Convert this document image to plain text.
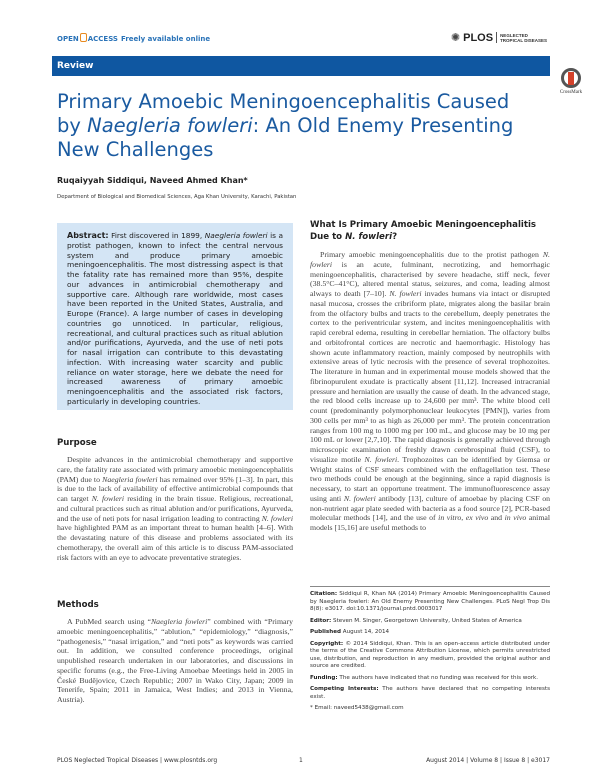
OPEN ACCESS Freely available online	✺ PLOS NEGLECTED
TROPICAL DISEASES
Review
CrossMark
Primary Amoebic Meningoencephalitis Caused by Naegleria fowleri: An Old Enemy Presenting New Challenges
Ruqaiyyah Siddiqui, Naveed Ahmed Khan*
Department of Biological and Biomedical Sciences, Aga Khan University, Karachi, Pakistan
Abstract: First discovered in 1899, Naegleria fowleri is a protist pathogen, known to infect the central nervous system and produce primary amoebic meningoencephalitis. The most distressing aspect is that the fatality rate has remained more than 95%, despite our advances in antimicrobial chemotherapy and supportive care. Although rare worldwide, most cases have been reported in the United States, Australia, and Europe (France). A large number of cases in developing countries go unnoticed. In particular, religious, recreational, and cultural practices such as ritual ablution and/or purifications, Ayurveda, and the use of neti pots for nasal irrigation can contribute to this devastating infection. With increasing water scarcity and public reliance on water storage, here we debate the need for increased awareness of primary amoebic meningoencephalitis and the associated risk factors, particularly in developing countries.
Purpose
Despite advances in the antimicrobial chemotherapy and supportive care, the fatality rate associated with primary amoebic meningoencephalitis (PAM) due to Naegleria fowleri has remained over 95% [1–3]. In part, this is due to the lack of availability of effective antimicrobial compounds that can target N. fowleri residing in the brain tissue. Religious, recreational, and cultural practices such as ritual ablution and/or purifications, Ayurveda, and the use of neti pots for nasal irrigation leading to contracting N. fowleri have highlighted PAM as an important threat to human health [4–6]. With the devastating nature of this disease and problems associated with its chemotherapy, the overall aim of this article is to discuss PAM-associated risk factors with an eye to advocate preventative strategies.
Methods
A PubMed search using “Naegleria fowleri” combined with “Primary amoebic meningoencephalitis,” “ablution,” “epidemiology,” “diagnosis,” “pathogenesis,” “nasal irrigation,” and “neti pots” as keywords was carried out. In addition, we consulted conference proceedings, original unpublished research undertaken in our laboratories, and discussions in specific forums (e.g., the Free-Living Amoebae Meetings held in 2005 in České Budějovice, Czech Republic; 2007 in Wako City, Japan; 2009 in Tenerife, Spain; 2011 in Jamaica, West Indies; and 2013 in Vienna, Austria).
What Is Primary Amoebic Meningoencephalitis Due to N. fowleri?
Primary amoebic meningoencephalitis due to the protist pathogen N. fowleri is an acute, fulminant, necrotizing, and hemorrhagic meningoencephalitis, characterised by severe headache, stiff neck, fever (38.5°C–41°C), altered mental status, seizures, and coma, leading almost always to death [7–10]. N. fowleri invades humans via intact or disrupted nasal mucosa, crosses the cribriform plate, migrates along the basilar brain from the olfactory bulbs and tracts to the cerebellum, deeply penetrates the cortex to the periventricular system, and incites meningoencephalitis with rapid cerebral edema, resulting in cerebellar herniation. The olfactory bulbs and orbitofrontal cortices are necrotic and haemorrhagic. Histology has shown acute inflammatory reaction, mainly composed by neutrophils with extensive areas of lytic necrosis with the presence of several trophozoites. The literature in human and in experimental mouse models showed that the fibrinopurulent exudate is practically absent [11,12]. Increased intracranial pressure and herniation are usually the cause of death. In the advanced stage, the red blood cells increase up to 24,600 per mm³. The white blood cell count (predominantly polymorphonuclear leukocytes [PMN]), varies from 300 cells per mm³ to as high as 26,000 per mm³. The protein concentration ranges from 100 mg to 1000 mg per 100 mL, and glucose may be 10 mg per 100 mL or lower [2,7,10]. The rapid diagnosis is generally achieved through microscopic examination of freshly drawn cerebrospinal fluid (CSF), to visualize motile N. fowleri. Trophozoites can be identified by Giemsa or Wright stains of CSF smears combined with the enflagellation test. These two methods could be enough at the beginning, since a rapid diagnosis is necessary, to start an opportune treatment. The immunofluorescence assay using anti N. fowleri antibody [13], culture of amoebae by placing CSF on non-nutrient agar plate seeded with bacteria as a food source [2], PCR-based molecular methods [14], and the use of in vitro, ex vivo and in vivo animal models [15,16] are useful methods to

Citation: Siddiqui R, Khan NA (2014) Primary Amoebic Meningoencephalitis Caused by Naegleria fowleri: An Old Enemy Presenting New Challenges. PLoS Negl Trop Dis 8(8): e3017. doi:10.1371/journal.pntd.0003017

Editor: Steven M. Singer, Georgetown University, United States of America

Published August 14, 2014

Copyright: © 2014 Siddiqui, Khan. This is an open-access article distributed under the terms of the Creative Commons Attribution License, which permits unrestricted use, distribution, and reproduction in any medium, provided the original author and source are credited.

Funding: The authors have indicated that no funding was received for this work.

Competing Interests: The authors have declared that no competing interests exist.

* Email: naveed5438@gmail.com

PLOS Neglected Tropical Diseases | www.plosntds.org	1	August 2014 | Volume 8 | Issue 8 | e3017
